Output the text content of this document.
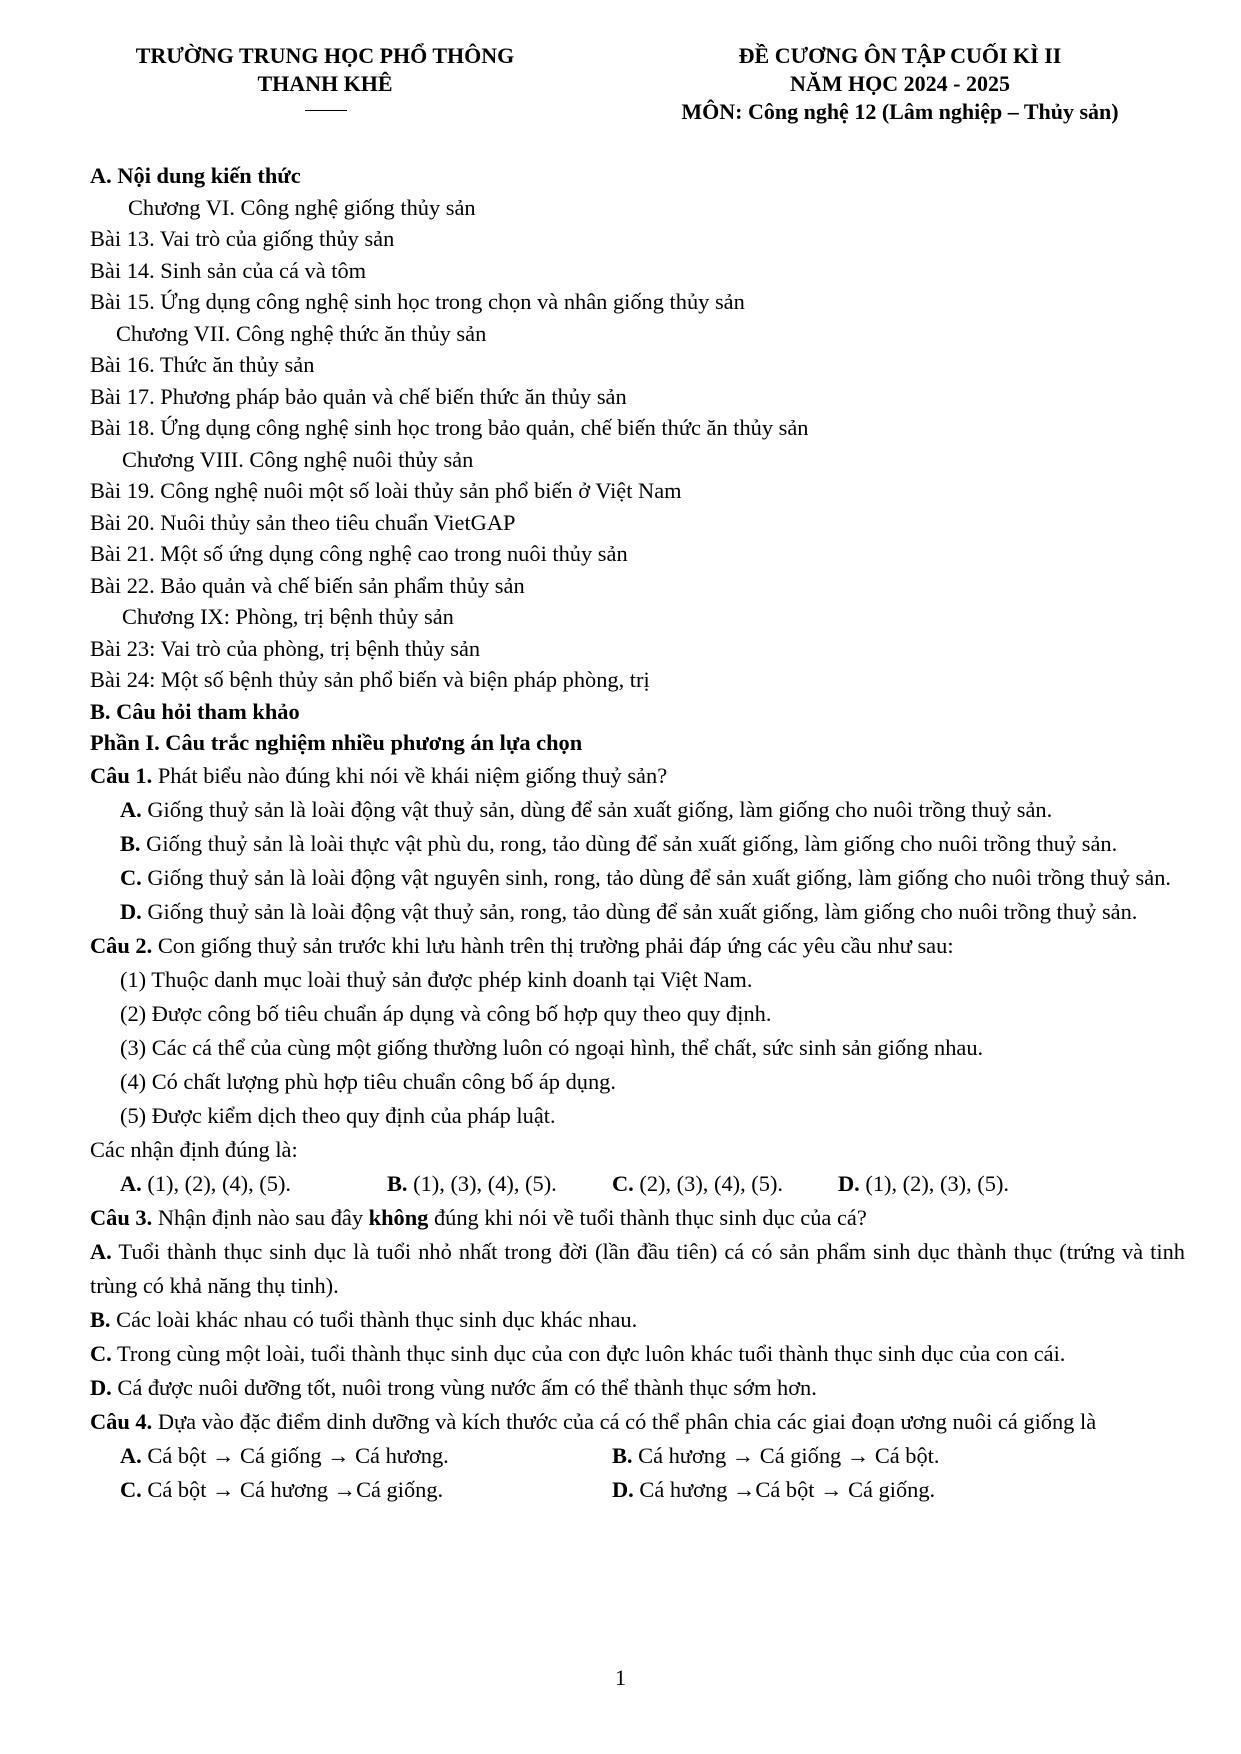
TRƯỜNG TRUNG HỌC PHỔ THÔNG
THANH KHÊ
ĐỀ CƯƠNG ÔN TẬP CUỐI KÌ II
NĂM HỌC 2024 - 2025
MÔN: Công nghệ 12 (Lâm nghiệp – Thủy sản)
A. Nội dung kiến thức
Chương VI. Công nghệ giống thủy sản
Bài 13. Vai trò của giống thủy sản
Bài 14. Sinh sản của cá và tôm
Bài 15. Ứng dụng công nghệ sinh học trong chọn và nhân giống thủy sản
Chương VII. Công nghệ thức ăn thủy sản
Bài 16. Thức ăn thủy sản
Bài 17. Phương pháp bảo quản và chế biến thức ăn thủy sản
Bài 18. Ứng dụng công nghệ sinh học trong bảo quản, chế biến thức ăn thủy sản
Chương VIII. Công nghệ nuôi thủy sản
Bài 19. Công nghệ nuôi một số loài thủy sản phổ biến ở Việt Nam
Bài 20. Nuôi thủy sản theo tiêu chuẩn VietGAP
Bài 21. Một số ứng dụng công nghệ cao trong nuôi thủy sản
Bài 22. Bảo quản và chế biến sản phẩm thủy sản
Chương IX: Phòng, trị bệnh thủy sản
Bài 23: Vai trò của phòng, trị bệnh thủy sản
Bài 24: Một số bệnh thủy sản phổ biến và biện pháp phòng, trị
B. Câu hỏi tham khảo
Phần I. Câu trắc nghiệm nhiều phương án lựa chọn
Câu 1. Phát biểu nào đúng khi nói về khái niệm giống thuỷ sản?
A. Giống thuỷ sản là loài động vật thuỷ sản, dùng để sản xuất giống, làm giống cho nuôi trồng thuỷ sản.
B. Giống thuỷ sản là loài thực vật phù du, rong, tảo dùng để sản xuất giống, làm giống cho nuôi trồng thuỷ sản.
C. Giống thuỷ sản là loài động vật nguyên sinh, rong, tảo dùng để sản xuất giống, làm giống cho nuôi trồng thuỷ sản.
D. Giống thuỷ sản là loài động vật thuỷ sản, rong, tảo dùng để sản xuất giống, làm giống cho nuôi trồng thuỷ sản.
Câu 2. Con giống thuỷ sản trước khi lưu hành trên thị trường phải đáp ứng các yêu cầu như sau:
(1) Thuộc danh mục loài thuỷ sản được phép kinh doanh tại Việt Nam.
(2) Được công bố tiêu chuẩn áp dụng và công bố hợp quy theo quy định.
(3) Các cá thể của cùng một giống thường luôn có ngoại hình, thể chất, sức sinh sản giống nhau.
(4) Có chất lượng phù hợp tiêu chuẩn công bố áp dụng.
(5) Được kiểm dịch theo quy định của pháp luật.
Các nhận định đúng là:
A. (1), (2), (4), (5).	B. (1), (3), (4), (5). C. (2), (3), (4), (5). D. (1), (2), (3), (5).
Câu 3. Nhận định nào sau đây không đúng khi nói về tuổi thành thục sinh dục của cá?
A. Tuổi thành thục sinh dục là tuổi nhỏ nhất trong đời (lần đầu tiên) cá có sản phẩm sinh dục thành thục (trứng và tinh trùng có khả năng thụ tinh).
B. Các loài khác nhau có tuổi thành thục sinh dục khác nhau.
C. Trong cùng một loài, tuổi thành thục sinh dục của con đực luôn khác tuổi thành thục sinh dục của con cái.
D. Cá được nuôi dưỡng tốt, nuôi trong vùng nước ấm có thể thành thục sớm hơn.
Câu 4. Dựa vào đặc điểm dinh dưỡng và kích thước của cá có thể phân chia các giai đoạn ương nuôi cá giống là
A. Cá bột → Cá giống → Cá hương.	B. Cá hương → Cá giống → Cá bột.
C. Cá bột → Cá hương →Cá giống.	D. Cá hương →Cá bột → Cá giống.
1
